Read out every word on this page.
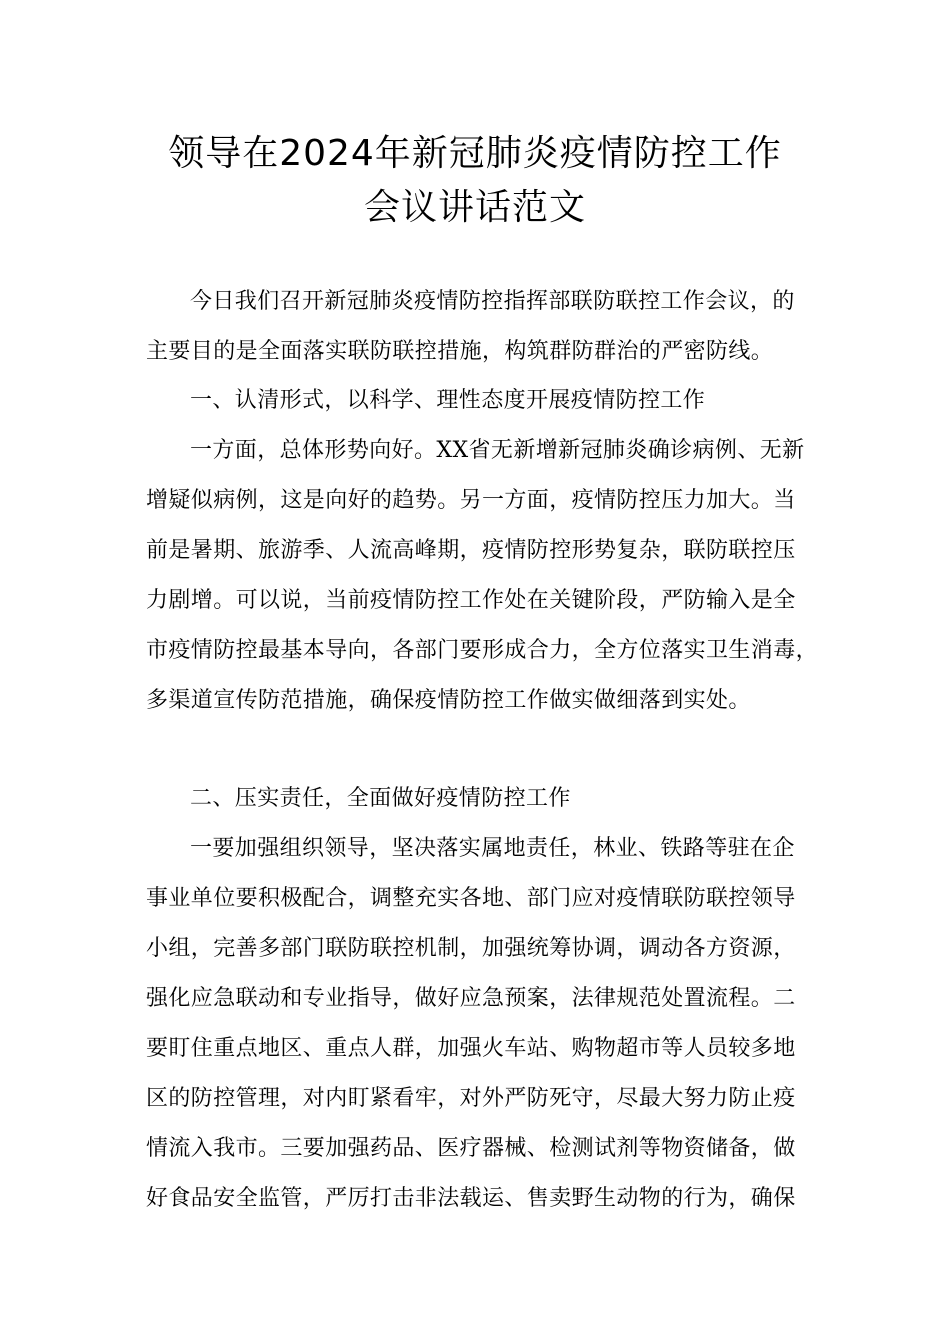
领导在2024年新冠肺炎疫情防控工作
会议讲话范文
今日我们召开新冠肺炎疫情防控指挥部联防联控工作会议，的
主要目的是全面落实联防联控措施，构筑群防群治的严密防线。
一、认清形式，以科学、理性态度开展疫情防控工作
一方面，总体形势向好。XX省无新增新冠肺炎确诊病例、无新
增疑似病例，这是向好的趋势。另一方面，疫情防控压力加大。当
前是暑期、旅游季、人流高峰期，疫情防控形势复杂，联防联控压
力剧增。可以说，当前疫情防控工作处在关键阶段，严防输入是全
市疫情防控最基本导向，各部门要形成合力，全方位落实卫生消毒，
多渠道宣传防范措施，确保疫情防控工作做实做细落到实处。
二、压实责任，全面做好疫情防控工作
一要加强组织领导，坚决落实属地责任，林业、铁路等驻在企
事业单位要积极配合，调整充实各地、部门应对疫情联防联控领导
小组，完善多部门联防联控机制，加强统筹协调，调动各方资源，
强化应急联动和专业指导，做好应急预案，法律规范处置流程。二
要盯住重点地区、重点人群，加强火车站、购物超市等人员较多地
区的防控管理，对内盯紧看牢，对外严防死守，尽最大努力防止疫
情流入我市。三要加强药品、医疗器械、检测试剂等物资储备，做
好食品安全监管，严厉打击非法载运、售卖野生动物的行为，确保
